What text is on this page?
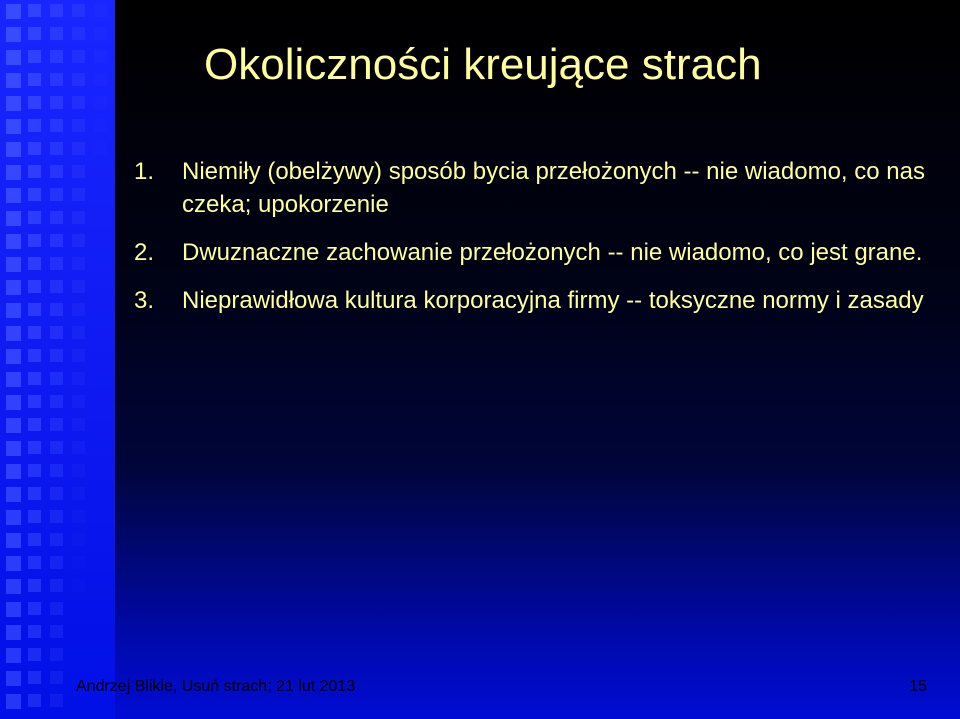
Okoliczności kreujące strach
1. Niemiły (obelżywy) sposób bycia przełożonych -- nie wiadomo, co nas czeka; upokorzenie
2. Dwuznaczne zachowanie przełożonych -- nie wiadomo, co jest grane.
3. Nieprawidłowa kultura korporacyjna firmy -- toksyczne normy i zasady
Andrzej Blikle, Usuń strach; 21 lut 2013	15
